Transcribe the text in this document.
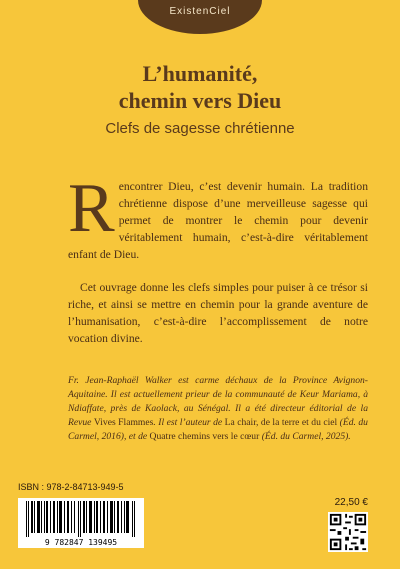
ExistenCiel
L’humanité,
chemin vers Dieu
Clefs de sagesse chrétienne

Rencontrer Dieu, c’est devenir humain. La tradition chrétienne dispose d’une merveilleuse sagesse qui permet de montrer le chemin pour devenir véritablement humain, c’est-à-dire véritablement enfant de Dieu.

Cet ouvrage donne les clefs simples pour puiser à ce trésor si riche, et ainsi se mettre en chemin pour la grande aventure de l’humanisation, c’est-à-dire l’accomplissement de notre vocation divine.

Fr. Jean-Raphaël Walker est carme déchaux de la Province Avignon-Aquitaine. Il est actuellement prieur de la communauté de Keur Mariama, à Ndiaffate, près de Kaolack, au Sénégal. Il a été directeur éditorial de la Revue Vives Flammes. Il est l’auteur de La chair, de la terre et du ciel (Éd. du Carmel, 2016), et de Quatre chemins vers le cœur (Éd. du Carmel, 2025).
ISBN : 978-2-84713-949-5
9 782847 139495
22,50 €
